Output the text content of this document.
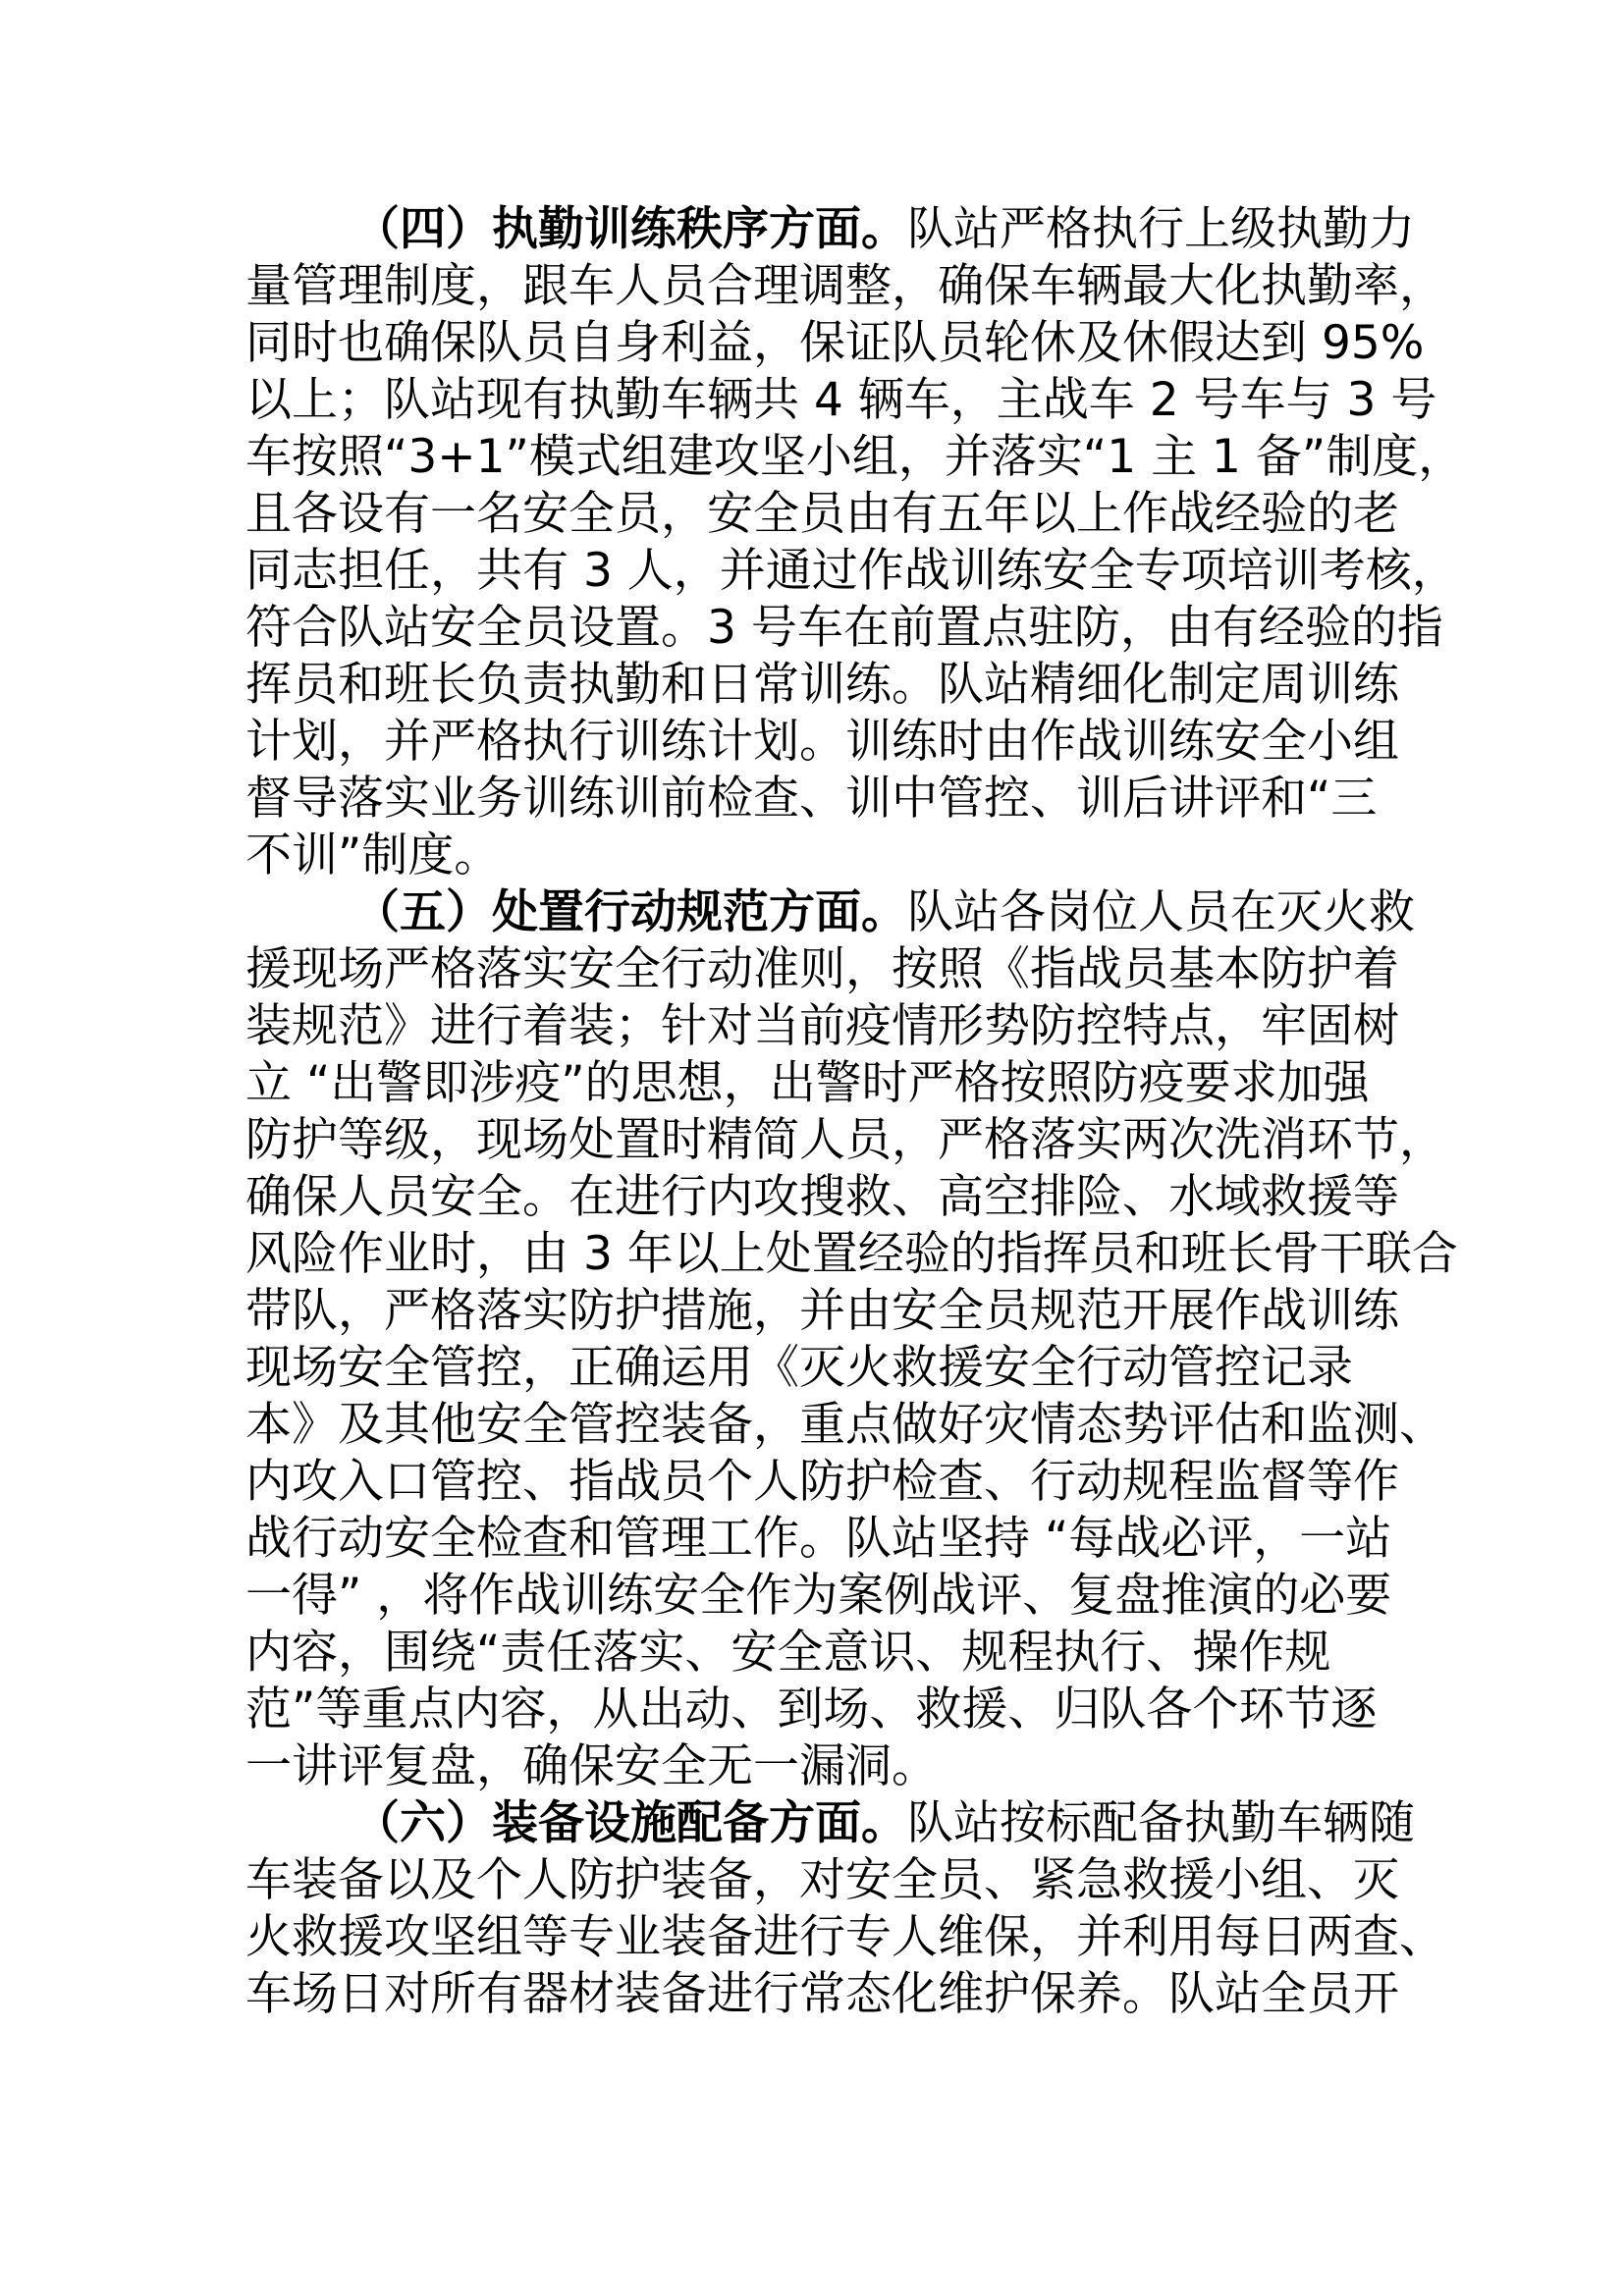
（四）执勤训练秩序方面。队站严格执行上级执勤力
量管理制度，跟车人员合理调整，确保车辆最大化执勤率，
同时也确保队员自身利益，保证队员轮休及休假达到 95%
以上；队站现有执勤车辆共 4 辆车，主战车 2 号车与 3 号
车按照“3+1”模式组建攻坚小组，并落实“1 主 1 备”制度，
且各设有一名安全员，安全员由有五年以上作战经验的老
同志担任，共有 3 人，并通过作战训练安全专项培训考核，
符合队站安全员设置。3 号车在前置点驻防，由有经验的指
挥员和班长负责执勤和日常训练。队站精细化制定周训练
计划，并严格执行训练计划。训练时由作战训练安全小组
督导落实业务训练训前检查、训中管控、训后讲评和“三
不训”制度。
（五）处置行动规范方面。队站各岗位人员在灭火救
援现场严格落实安全行动准则，按照《指战员基本防护着
装规范》进行着装；针对当前疫情形势防控特点，牢固树
立 “出警即涉疫”的思想，出警时严格按照防疫要求加强
防护等级，现场处置时精简人员，严格落实两次洗消环节，
确保人员安全。在进行内攻搜救、高空排险、水域救援等
风险作业时，由 3 年以上处置经验的指挥员和班长骨干联合
带队，严格落实防护措施，并由安全员规范开展作战训练
现场安全管控，正确运用《灭火救援安全行动管控记录
本》及其他安全管控装备，重点做好灾情态势评估和监测、
内攻入口管控、指战员个人防护检查、行动规程监督等作
战行动安全检查和管理工作。队站坚持 “每战必评，一站
一得” ，将作战训练安全作为案例战评、复盘推演的必要
内容，围绕“责任落实、安全意识、规程执行、操作规
范”等重点内容，从出动、到场、救援、归队各个环节逐
一讲评复盘，确保安全无一漏洞。
（六）装备设施配备方面。队站按标配备执勤车辆随
车装备以及个人防护装备，对安全员、紧急救援小组、灭
火救援攻坚组等专业装备进行专人维保，并利用每日两查、
车场日对所有器材装备进行常态化维护保养。队站全员开
